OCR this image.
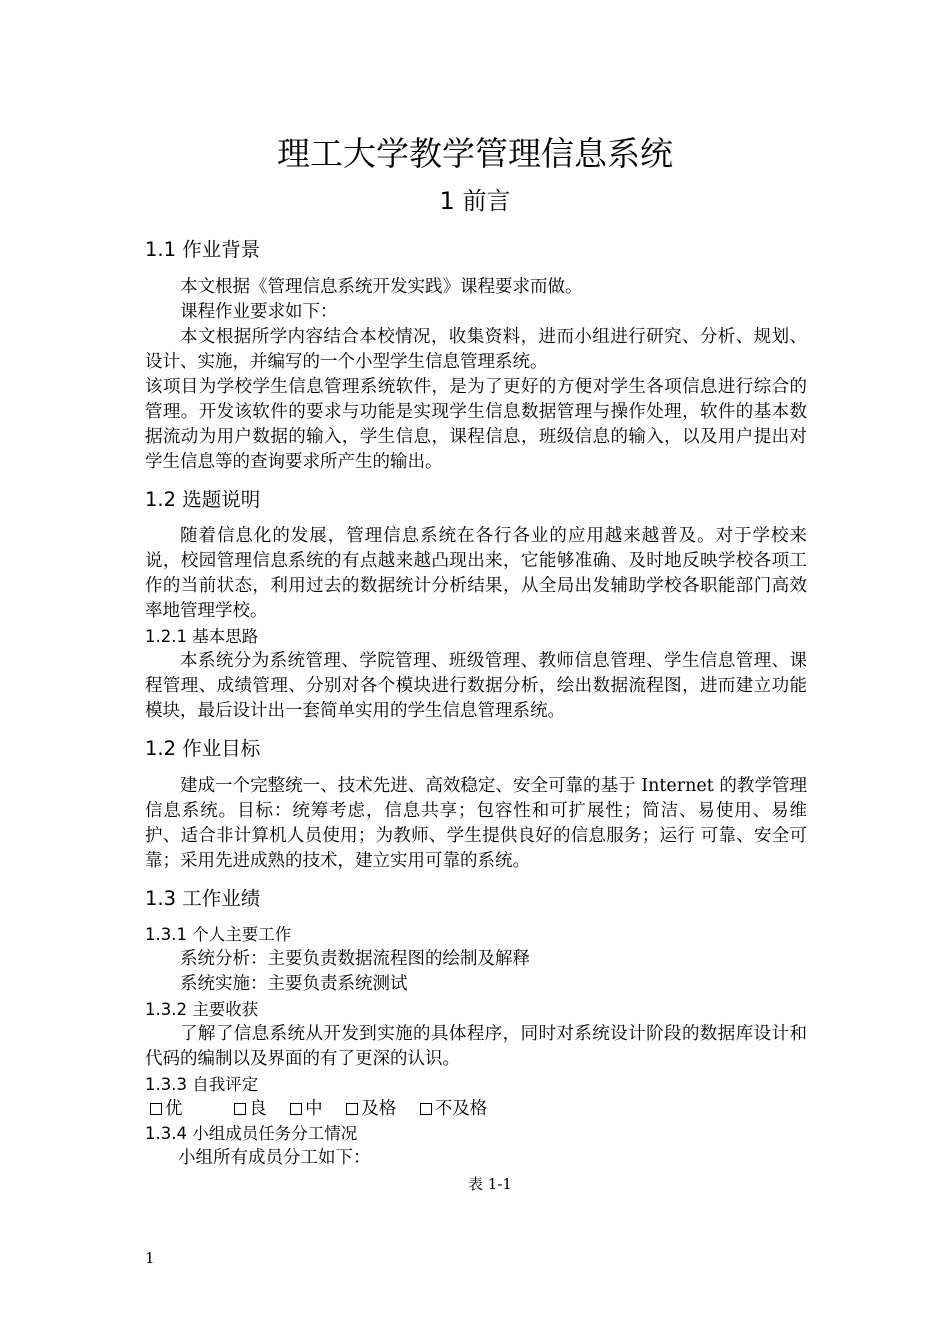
理工大学教学管理信息系统
1 前言
1.1 作业背景
本文根据《管理信息系统开发实践》课程要求而做。
课程作业要求如下：
本文根据所学内容结合本校情况，收集资料，进而小组进行研究、分析、规划、设计、实施，并编写的一个小型学生信息管理系统。
该项目为学校学生信息管理系统软件，是为了更好的方便对学生各项信息进行综合的管理。开发该软件的要求与功能是实现学生信息数据管理与操作处理，软件的基本数据流动为用户数据的输入，学生信息，课程信息，班级信息的输入，以及用户提出对学生信息等的查询要求所产生的输出。
1.2 选题说明
随着信息化的发展，管理信息系统在各行各业的应用越来越普及。对于学校来说，校园管理信息系统的有点越来越凸现出来，它能够准确、及时地反映学校各项工作的当前状态，利用过去的数据统计分析结果，从全局出发辅助学校各职能部门高效率地管理学校。
1.2.1 基本思路
本系统分为系统管理、学院管理、班级管理、教师信息管理、学生信息管理、课程管理、成绩管理、分别对各个模块进行数据分析，绘出数据流程图，进而建立功能模块，最后设计出一套简单实用的学生信息管理系统。
1.2 作业目标
建成一个完整统一、技术先进、高效稳定、安全可靠的基于 Internet 的教学管理信息系统。目标：统筹考虑，信息共享；包容性和可扩展性；简洁、易使用、易维护、适合非计算机人员使用；为教师、学生提供良好的信息服务；运行 可靠、安全可靠；采用先进成熟的技术，建立实用可靠的系统。
1.3 工作业绩
1.3.1 个人主要工作
系统分析：主要负责数据流程图的绘制及解释
系统实施：主要负责系统测试
1.3.2 主要收获
了解了信息系统从开发到实施的具体程序，同时对系统设计阶段的数据库设计和代码的编制以及界面的有了更深的认识。
1.3.3 自我评定
优	良 中 及格 不及格
1.3.4 小组成员任务分工情况
小组所有成员分工如下：
表 1-1
1
